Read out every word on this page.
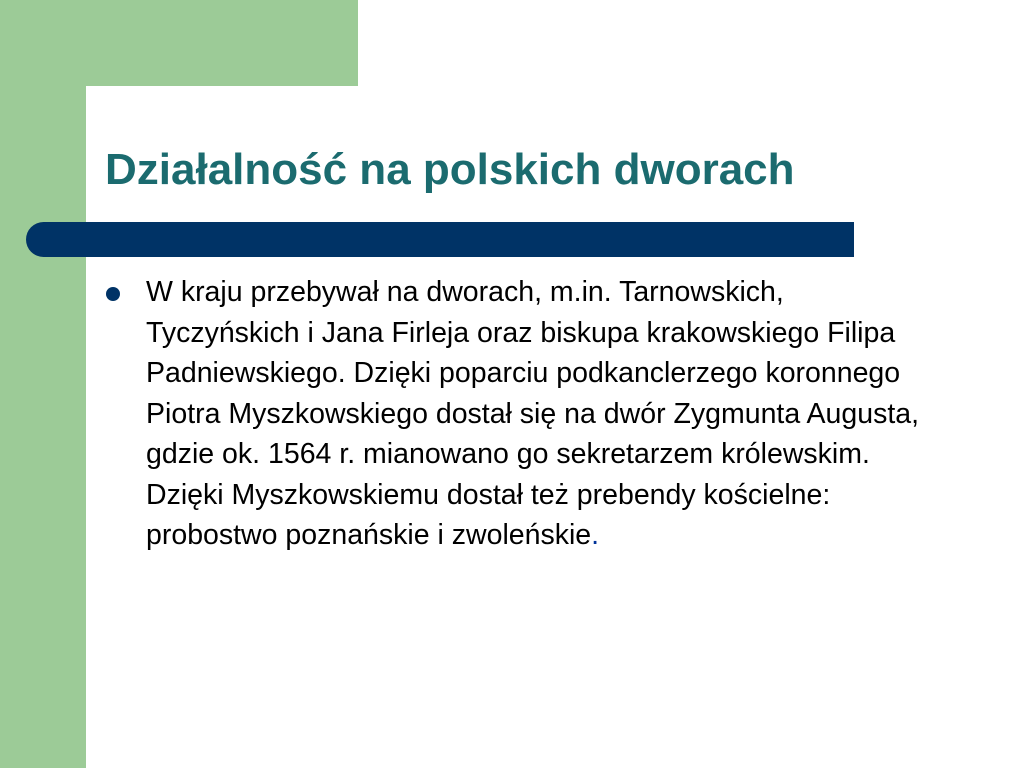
Działalność na polskich dworach
W kraju przebywał na dworach, m.in. Tarnowskich, Tyczyńskich i Jana Firleja oraz biskupa krakowskiego Filipa Padniewskiego. Dzięki poparciu podkanclerzego koronnego Piotra Myszkowskiego dostał się na dwór Zygmunta Augusta, gdzie ok. 1564 r. mianowano go sekretarzem królewskim. Dzięki Myszkowskiemu dostał też prebendy kościelne: probostwo poznańskie i zwoleńskie.
